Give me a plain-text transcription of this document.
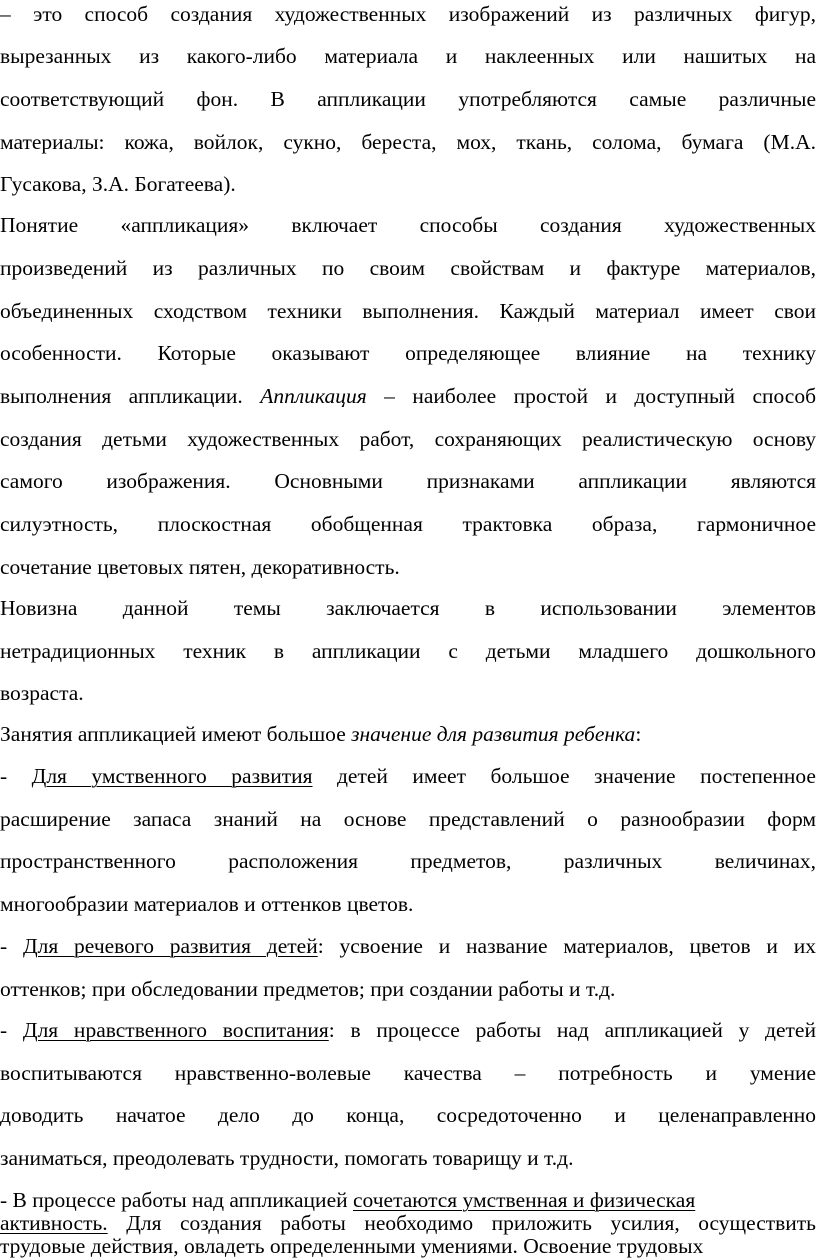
– это способ создания художественных изображений из различных фигур,
вырезанных из какого-либо материала и наклеенных или нашитых на
соответствующий фон. В аппликации употребляются самые различные
материалы: кожа, войлок, сукно, береста, мох, ткань, солома, бумага (М.А.
Гусакова, З.А. Богатеева).
Понятие «аппликация» включает способы создания художественных
произведений из различных по своим свойствам и фактуре материалов,
объединенных сходством техники выполнения. Каждый материал имеет свои
особенности. Которые оказывают определяющее влияние на технику
выполнения аппликации. Аппликация – наиболее простой и доступный способ
создания детьми художественных работ, сохраняющих реалистическую основу
самого изображения. Основными признаками аппликации являются
силуэтность, плоскостная обобщенная трактовка образа, гармоничное
сочетание цветовых пятен, декоративность.
Новизна данной темы заключается в использовании элементов
нетрадиционных техник в аппликации с детьми младшего дошкольного
возраста.
Занятия аппликацией имеют большое значение для развития ребенка:
- Для умственного развития детей имеет большое значение постепенное
расширение запаса знаний на основе представлений о разнообразии форм
пространственного расположения предметов, различных величинах,
многообразии материалов и оттенков цветов.
- Для речевого развития детей: усвоение и название материалов, цветов и их
оттенков; при обследовании предметов; при создании работы и т.д.
- Для нравственного воспитания: в процессе работы над аппликацией у детей
воспитываются нравственно-волевые качества – потребность и умение
доводить начатое дело до конца, сосредоточенно и целенаправленно
заниматься, преодолевать трудности, помогать товарищу и т.д.
- В процессе работы над аппликацией сочетаются умственная и физическая
активность. Для создания работы необходимо приложить усилия, осуществить
трудовые действия, овладеть определенными умениями. Освоение трудовых
